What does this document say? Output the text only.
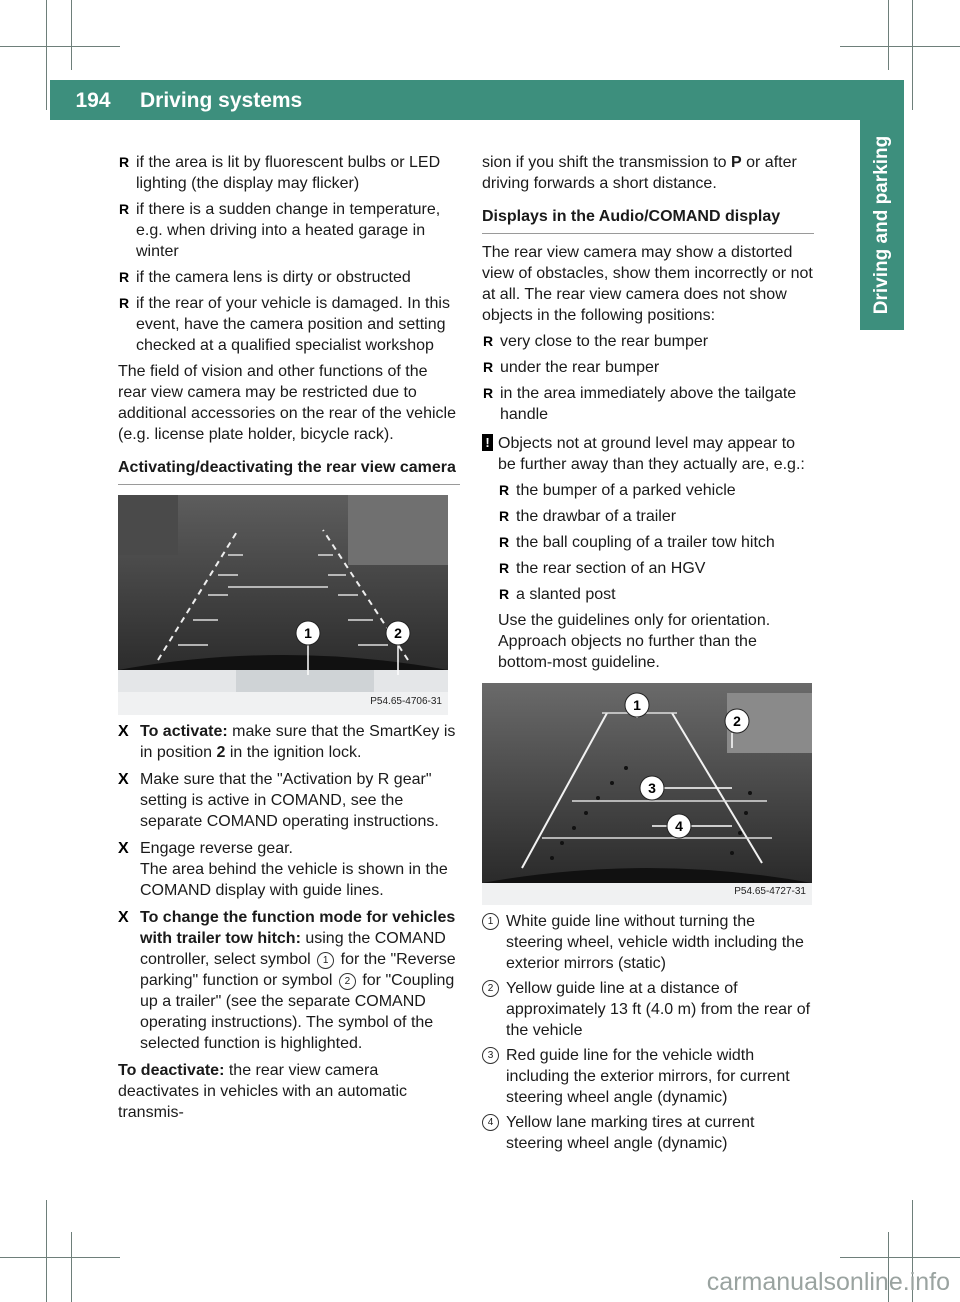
194	Driving systems
Driving and parking
R if the area is lit by fluorescent bulbs or LED lighting (the display may flicker)
R if there is a sudden change in temperature, e.g. when driving into a heated garage in winter
R if the camera lens is dirty or obstructed
R if the rear of your vehicle is damaged. In this event, have the camera position and setting checked at a qualified specialist workshop

The field of vision and other functions of the rear view camera may be restricted due to additional accessories on the rear of the vehicle (e.g. license plate holder, bicycle rack).

Activating/deactivating the rear view camera
1	2
P54.65-4706-31
X To activate: make sure that the SmartKey is in position 2 in the ignition lock.
X Make sure that the "Activation by R gear" setting is active in COMAND, see the separate COMAND operating instructions.
X Engage reverse gear.
The area behind the vehicle is shown in the COMAND display with guide lines.
X To change the function mode for vehicles with trailer tow hitch: using the COMAND controller, select symbol 1 for the "Reverse parking" function or symbol 2 for "Coupling up a trailer" (see the separate COMAND operating instructions). The symbol of the selected function is highlighted.

To deactivate: the rear view camera deactivates in vehicles with an automatic transmis-

sion if you shift the transmission to P or after driving forwards a short distance.

Displays in the Audio/COMAND display

The rear view camera may show a distorted view of obstacles, show them incorrectly or not at all. The rear view camera does not show objects in the following positions:

R very close to the rear bumper
R under the rear bumper
R in the area immediately above the tailgate handle
! Objects not at ground level may appear to be further away than they actually are, e.g.:
R the bumper of a parked vehicle
R the drawbar of a trailer
R the ball coupling of a trailer tow hitch
R the rear section of an HGV
R a slanted post

Use the guidelines only for orientation. Approach objects no further than the bottom-most guideline.

1
2
3
4
P54.65-4727-31
1 White guide line without turning the steering wheel, vehicle width including the exterior mirrors (static)
2 Yellow guide line at a distance of approximately 13 ft (4.0 m) from the rear of the vehicle
3 Red guide line for the vehicle width including the exterior mirrors, for current steering wheel angle (dynamic)
4 Yellow lane marking tires at current steering wheel angle (dynamic)
carmanualsonline.info
